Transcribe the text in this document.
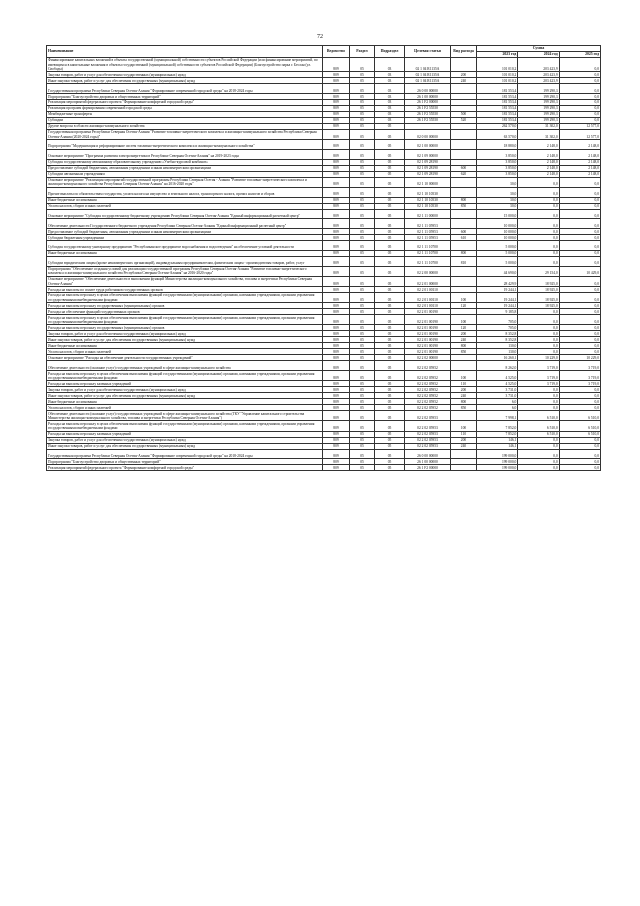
72
Наименование	Ведомство	Раздел	Подраздел	Целевая статья	Вид расхода	Сумма		
						2023 год	2024 год	2025 год
Финансирование капитальных вложений в объекты государственной (муниципальной) собственности субъектов Российской Федерации (или финансирование мероприятий, по имеющимся в капитальные вложения в объекты государственной (муниципальной) собственности субъектов Российской Федерации) (Благоустройство парка г. Беслан (ул. Свободы)	809	05	03	02 1 04 R1135А		101 010,2	203 423,9	0,0
Закупка товаров, работ и услуг для обеспечения государственных (муниципальных) нужд	809	05	03	02 1 04 R1135А	200	101 010,2	203 423,9	0,0
Иные закупки товаров, работ и услуг для обеспечения государственных (муниципальных) нужд	809	05	03	02 1 04 R1135А	240	101 010,2	203 423,9	0,0
Государственная программа Республики Северная Осетия-Алания "Формирование современной городской среды" на 2018-2024 годы	809	05	03	26 0 00 00000		181 553,4	199 290,3	0,0
Подпрограмма "Благоустройство дворовых и общественных территорий"	809	05	03	26 1 00 00000		181 553,4	199 290,3	0,0
Реализация мероприятий федерального проекта "Формирование комфортной городской среды"	809	05	03	26 1 F2 00000		181 553,4	199 290,3	0,0
Реализация программ формирования современной городской среды	809	05	03	26 1 F2 55550		181 553,4	199 290,3	0,0
Межбюджетные трансферты	809	05	03	26 1 F2 55550	500	181 553,4	199 290,3	0,0
Субсидии	809	05	03	26 1 F2 55550	520	181 553,4	199 290,3	0,0
Другие вопросы в области жилищно-коммунального хозяйства	809	05	05			262 570,0	31 302,0	12 577,0
Государственная программа Республики Северная Осетия-Алания "Развитие топливно-энергетического комплекса и жилищно-коммунального хозяйства Республики Северная Осетия-Алания (2020-2024 годы)"	809	05	05	02 0 00 00000		63 570,0	31 302,0	12 577,0
Подпрограмма "Модернизация и реформирование систем топливно-энергетического комплекса и жилищно-коммунального хозяйства"	809	05	05	02 1 00 00000		18 880,0	2 148,0	2 148,0
Основное мероприятие "Программа развития электроэнергетики в Республике Северная Осетия-Алания" на 2019-2023 годы	809	05	05	02 1 09 00000		3 850,0	2 148,0	2 148,0
Субсидия государственному автономному образовательному учреждению «Учебно-курсовой комбинат»	809	05	05	02 1 09 28190		3 850,0	2 148,0	2 148,0
Предоставление субсидий бюджетным, автономным учреждениям и иным некоммерческим организациям	809	05	05	02 1 09 28190	600	3 850,0	2 148,0	2 148,0
Субсидии автономным учреждениям	809	05	05	02 1 09 28190	620	3 850,0	2 148,0	2 148,0
Основное мероприятие "Реализация мероприятий государственной программы Республики Северная Осетия - Алания "Развитие топливно-энергетического комплекса и жилищно-коммунального хозяйства Республики Северная Осетия-Алания" на 2016-2020 годы"	809	05	05	02 1 10 00000		30,0	0,0	0,0
Прочие выплаты по обязательствам государства, уплата налога на имущество и земельного налога, транспортного налога, прочих налогов и сборов	809	05	05	02 1 10 10530		30,0	0,0	0,0
Иные бюджетные ассигнования	809	05	05	02 1 10 10530	800	30,0	0,0	0,0
Уплата налогов, сборов и иных платежей	809	05	05	02 1 10 10530	850	30,0	0,0	0,0
Основное мероприятие "Субсидия государственному бюджетному учреждению Республики Северная Осетия-Алания "Единый информационный расчетный центр"	809	05	05	02 1 11 00000		15 000,0	0,0	0,0
Обеспечение деятельности Государственного бюджетного учреждения Республики Северная Осетия-Алания "Единый информационный расчетный центр"	809	05	05	02 1 11 05953		10 000,0	0,0	0,0
Предоставление субсидий бюджетным, автономным учреждениям и иным некоммерческим организациям	809	05	05	02 1 11 05953	600	10 000,0	0,0	0,0
Субсидии бюджетным учреждениям	809	05	05	02 1 11 05953	610	10 000,0	0,0	0,0
Субсидия государственному унитарному предприятию "Республиканское предприятие водоснабжения и водоотведения" на обеспечение уставной деятельности	809	05	05	02 1 11 10700		5 000,0	0,0	0,0
Иные бюджетные ассигнования	809	05	05	02 1 11 10700	800	5 000,0	0,0	0,0
Субсидии юридическим лицам (кроме некоммерческих организаций), индивидуальным предпринимателям, физическим лицам - производителям товаров, работ, услуг	809	05	05	02 1 11 10700	810	5 000,0	0,0	0,0
Подпрограмма "Обеспечение создания условий для реализации государственной программы Республики Северная Осетия-Алания "Развитие топливно-энергетического комплекса и жилищно-коммунального хозяйства Республики Северная Осетия-Алания" на 2016-2020 годы"	809	05	05	02 2 00 00000		44 690,0	29 154,0	10 429,0
Основное мероприятие "Обеспечение деятельности в выполнении функций Министерства жилищно-коммунального хозяйства, топлива и энергетики Республики Северная Осетия-Алания"	809	05	05	02 2 01 00000		28 429,9	18 925,0	0,0
Расходы на выплаты по оплате труда работников государственных органов	809	05	05	02 2 01 00110		19 244,1	18 925,0	0,0
Расходы на выплаты персоналу в целях обеспечения выполнения функций государственными (муниципальными) органами, казенными учреждениями, органами управления государственными внебюджетными фондами	809	05	05	02 2 01 00110	100	19 244,1	18 925,0	0,0
Расходы на выплаты персоналу государственных (муниципальных) органов	809	05	05	02 2 01 00110	120	19 244,1	18 925,0	0,0
Расходы на обеспечение функций государственных органов	809	05	05	02 2 01 00190		9 185,8	0,0	0,0
Расходы на выплаты персоналу в целях обеспечения выполнения функций государственными (муниципальными) органами, казенными учреждениями, органами управления государственными внебюджетными фондами	809	05	05	02 2 01 00190	100	705,0	0,0	0,0
Расходы на выплаты персоналу государственных (муниципальных) органов	809	05	05	02 2 01 00190	120	705,0	0,0	0,0
Закупка товаров, работ и услуг для обеспечения государственных (муниципальных) нужд	809	05	05	02 2 01 00190	200	8 352,8	0,0	0,0
Иные закупки товаров, работ и услуг для обеспечения государственных (муниципальных) нужд	809	05	05	02 2 01 00190	240	8 352,8	0,0	0,0
Иные бюджетные ассигнования	809	05	05	02 2 01 00190	800	130,0	0,0	0,0
Уплата налогов, сборов и иных платежей	809	05	05	02 2 01 00190	850	130,0	0,0	0,0
Основное мероприятие "Расходы на обеспечение деятельности государственных учреждений"	809	05	05	02 2 02 00000		16 260,1	10 229,0	10 229,0
Обеспечение деятельности (оказание услуг) государственных учреждений в сфере жилищно-коммунального хозяйства	809	05	05	02 2 02 05952		8 262,0	3 719,0	3 719,0
Расходы на выплаты персоналу в целях обеспечения выполнения функций государственными (муниципальными) органами, казенными учреждениями, органами управления государственными внебюджетными фондами	809	05	05	02 2 02 05952	100	4 525,0	3 719,0	3 719,0
Расходы на выплаты персоналу казенных учреждений	809	05	05	02 2 02 05952	110	4 525,0	3 719,0	3 719,0
Закупка товаров, работ и услуг для обеспечения государственных (муниципальных) нужд	809	05	05	02 2 02 05952	200	3 731,0	0,0	0,0
Иные закупки товаров, работ и услуг для обеспечения государственных (муниципальных) нужд	809	05	05	02 2 02 05952	240	3 731,0	0,0	0,0
Иные бюджетные ассигнования	809	05	05	02 2 02 05952	800	6,0	0,0	0,0
Уплата налогов, сборов и иных платежей	809	05	05	02 2 02 05952	850	6,0	0,0	0,0
Обеспечение деятельности (оказание услуг) государственных учреждений в сфере жилищно-коммунального хозяйства (ГКУ "Управление капитального строительства Министерства жилищно-коммунального хозяйства, топлива и энергетики Республики Северная Осетия-Алания")	809	05	05	02 2 02 05953		7 998,1	6 510,0	6 510,0
Расходы на выплаты персоналу в целях обеспечения выполнения функций государственными (муниципальными) органами, казенными учреждениями, органами управления государственными внебюджетными фондами	809	05	05	02 2 02 05953	100	7 852,0	6 510,0	6 510,0
Расходы на выплаты персоналу казенных учреждений	809	05	05	02 2 02 05953	110	7 852,0	6 510,0	6 510,0
Закупка товаров, работ и услуг для обеспечения государственных (муниципальных) нужд	809	05	05	02 2 02 05953	200	146,1	0,0	0,0
Иные закупки товаров, работ и услуг для обеспечения государственных (муниципальных) нужд	809	05	05	02 2 02 05953	240	146,1	0,0	0,0
Государственная программа Республики Северная Осетия-Алания "Формирование современной городской среды" на 2018-2024 годы	809	05	05	26 0 00 00000		199 000,0	0,0	0,0
Подпрограмма "Благоустройство дворовых и общественных территорий"	809	05	05	26 1 00 00000		199 000,0	0,0	0,0
Реализация мероприятий федерального проекта "Формирование комфортной городской среды"	809	05	05	26 1 F2 00000		199 000,0	0,0	0,0
